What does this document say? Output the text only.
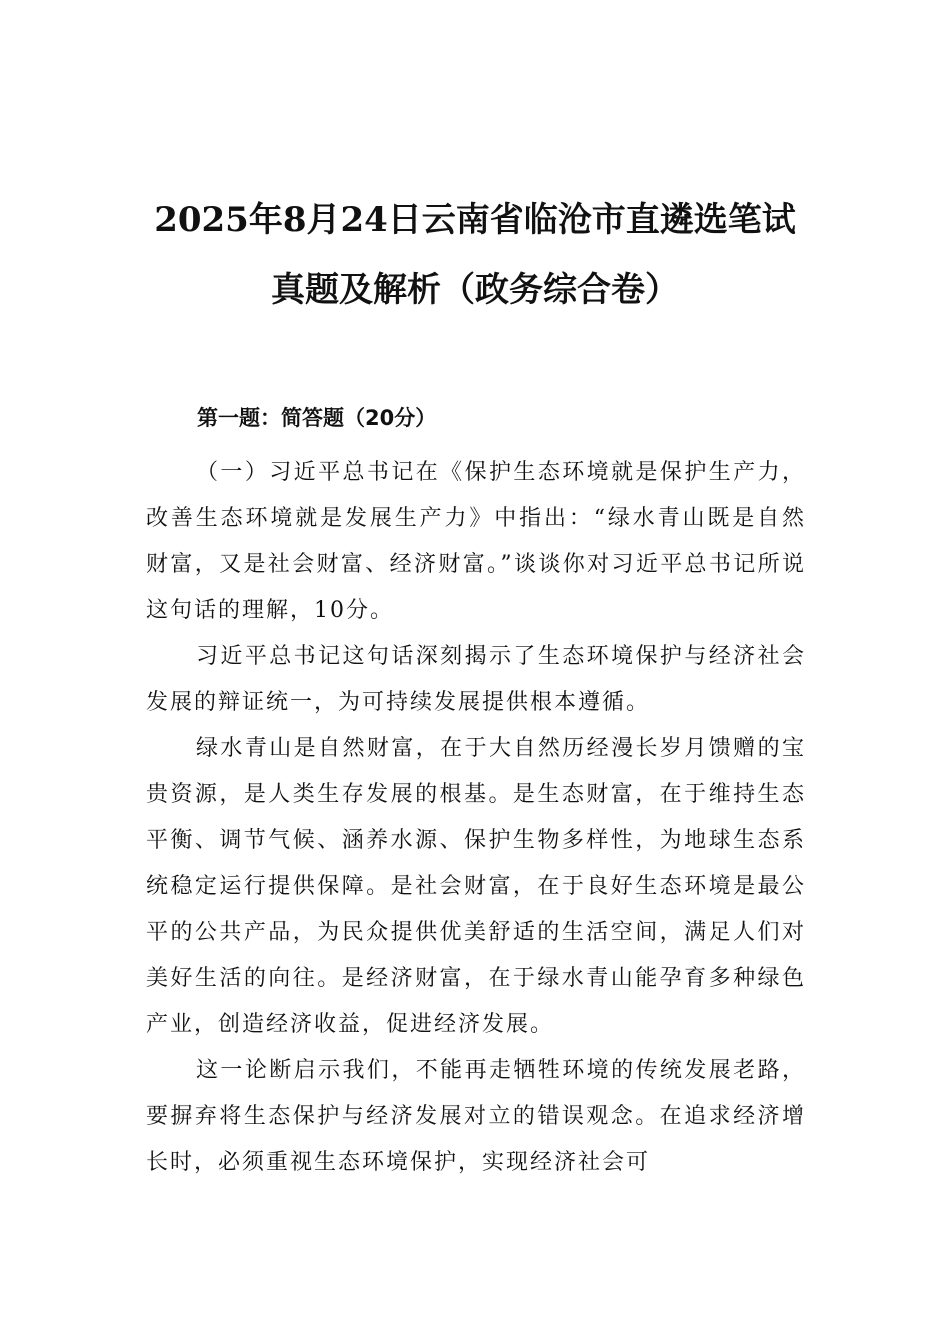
2025年8月24日云南省临沧市直遴选笔试
真题及解析（政务综合卷）
第一题：简答题（20分）

（一）习近平总书记在《保护生态环境就是保护生产力，改善生态环境就是发展生产力》中指出：“绿水青山既是自然财富，又是社会财富、经济财富。”谈谈你对习近平总书记所说这句话的理解，10分。

习近平总书记这句话深刻揭示了生态环境保护与经济社会发展的辩证统一，为可持续发展提供根本遵循。

绿水青山是自然财富，在于大自然历经漫长岁月馈赠的宝贵资源，是人类生存发展的根基。是生态财富，在于维持生态平衡、调节气候、涵养水源、保护生物多样性，为地球生态系统稳定运行提供保障。是社会财富，在于良好生态环境是最公平的公共产品，为民众提供优美舒适的生活空间，满足人们对美好生活的向往。是经济财富，在于绿水青山能孕育多种绿色产业，创造经济收益，促进经济发展。

这一论断启示我们，不能再走牺牲环境的传统发展老路，要摒弃将生态保护与经济发展对立的错误观念。在追求经济增长时，必须重视生态环境保护，实现经济社会可
